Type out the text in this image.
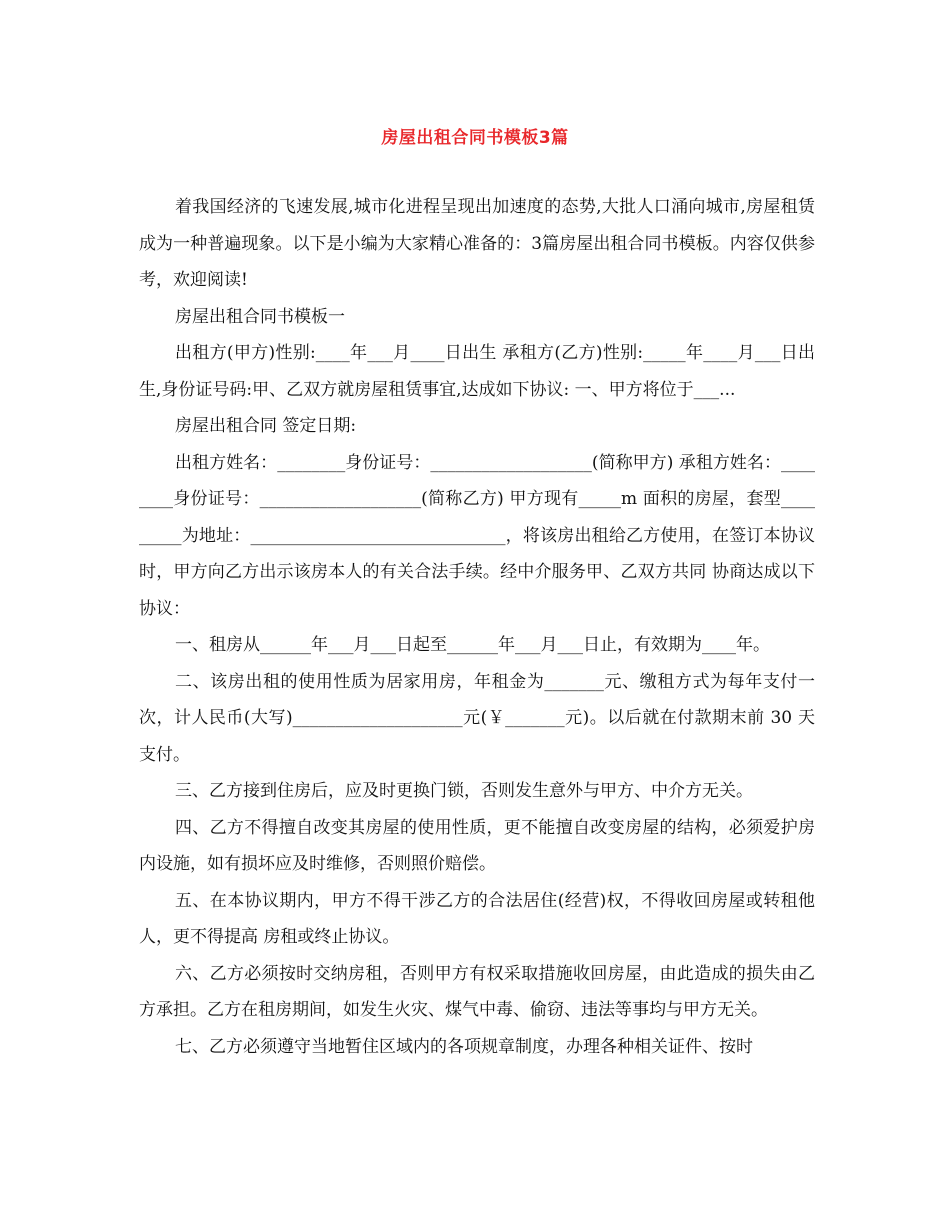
房屋出租合同书模板3篇

着我国经济的飞速发展,城市化进程呈现出加速度的态势,大批人口涌向城市,房屋租赁成为一种普遍现象。以下是小编为大家精心准备的：3篇房屋出租合同书模板。内容仅供参考，欢迎阅读!

房屋出租合同书模板一

出租方(甲方)性别:____年___月____日出生 承租方(乙方)性别:_____年____月___日出生,身份证号码:甲、乙双方就房屋租赁事宜,达成如下协议: 一、甲方将位于___...

房屋出租合同 签定日期:

出租方姓名：________身份证号：___________________(简称甲方) 承租方姓名：________身份证号：___________________(简称乙方) 甲方现有_____m 面积的房屋，套型_________为地址：______________________________，将该房出租给乙方使用，在签订本协议时，甲方向乙方出示该房本人的有关合法手续。经中介服务甲、乙双方共同 协商达成以下协议：

一、租房从______年___月___日起至______年___月___日止，有效期为____年。

二、该房出租的使用性质为居家用房，年租金为_______元、缴租方式为每年支付一次，计人民币(大写)____________________元(￥_______元)。以后就在付款期末前 30 天支付。

三、乙方接到住房后，应及时更换门锁，否则发生意外与甲方、中介方无关。

四、乙方不得擅自改变其房屋的使用性质，更不能擅自改变房屋的结构，必须爱护房内设施，如有损坏应及时维修，否则照价赔偿。

五、在本协议期内，甲方不得干涉乙方的合法居住(经营)权，不得收回房屋或转租他人，更不得提高 房租或终止协议。

六、乙方必须按时交纳房租，否则甲方有权采取措施收回房屋，由此造成的损失由乙方承担。乙方在租房期间，如发生火灾、煤气中毒、偷窃、违法等事均与甲方无关。

七、乙方必须遵守当地暂住区域内的各项规章制度，办理各种相关证件、按时
